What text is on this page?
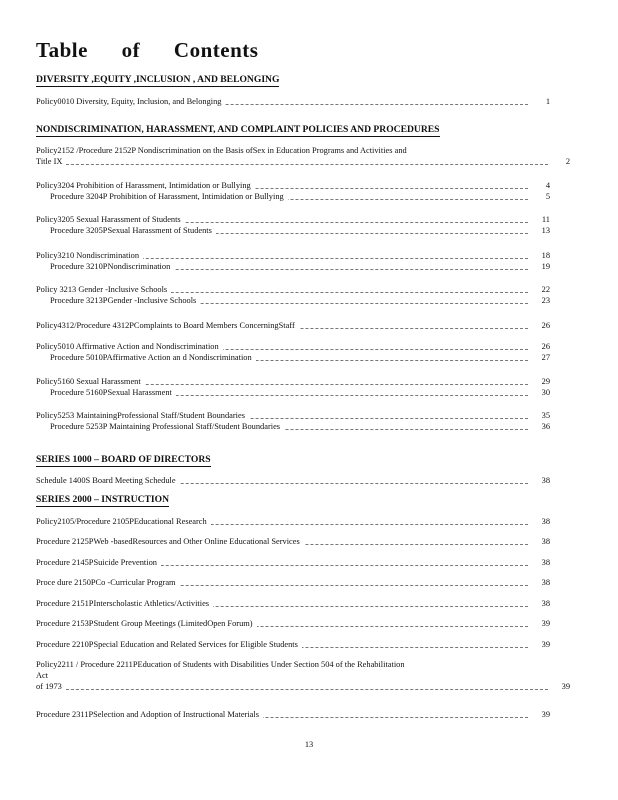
Table of Contents
DIVERSITY ,EQUITY ,INCLUSION , AND BELONGING
NONDISCRIMINATION, HARASSMENT, AND COMPLAINT POLICIES AND PROCEDURES
SERIES 1000 – BOARD OF DIRECTORS
SERIES 2000 – INSTRUCTION
Policy0010 Diversity, Equity, Inclusion, and Belonging	1
Policy2152 /Procedure 2152P Nondiscrimination on the Basis ofSex in Education Programs and Activities and
Title IX	2
Policy3204 Prohibition of Harassment, Intimidation or Bullying	4
Procedure 3204P Prohibition of Harassment, Intimidation or Bullying	5
Policy3205 Sexual Harassment of Students	11
Procedure 3205PSexual Harassment of Students	13
Policy3210 Nondiscrimination	18
Procedure 3210PNondiscrimination	19
Policy 3213 Gender -Inclusive Schools	22
Procedure 3213PGender -Inclusive Schools	23
Policy4312/Procedure 4312PComplaints to Board Members ConcerningStaff	26
Policy5010 Affirmative Action and Nondiscrimination	26
Procedure 5010PAffirmative Action an d Nondiscrimination	27
Policy5160 Sexual Harassment	29
Procedure 5160PSexual Harassment	30
Policy5253 MaintainingProfessional Staff/Student Boundaries	35
Procedure 5253P Maintaining Professional Staff/Student Boundaries	36
Schedule 1400S Board Meeting Schedule	38
Policy2105/Procedure 2105PEducational Research	38
Procedure 2125PWeb -basedResources and Other Online Educational Services	38
Procedure 2145PSuicide Prevention	38
Proce dure 2150PCo -Curricular Program	38
Procedure 2151PInterscholastic Athletics/Activities	38
Procedure 2153PStudent Group Meetings (LimitedOpen Forum)	39
Procedure 2210PSpecial Education and Related Services for Eligible Students	39
Policy2211 / Procedure 2211PEducation of Students with Disabilities Under Section 504 of the Rehabilitation
Act
of 1973	39
Procedure 2311PSelection and Adoption of Instructional Materials	39
13
